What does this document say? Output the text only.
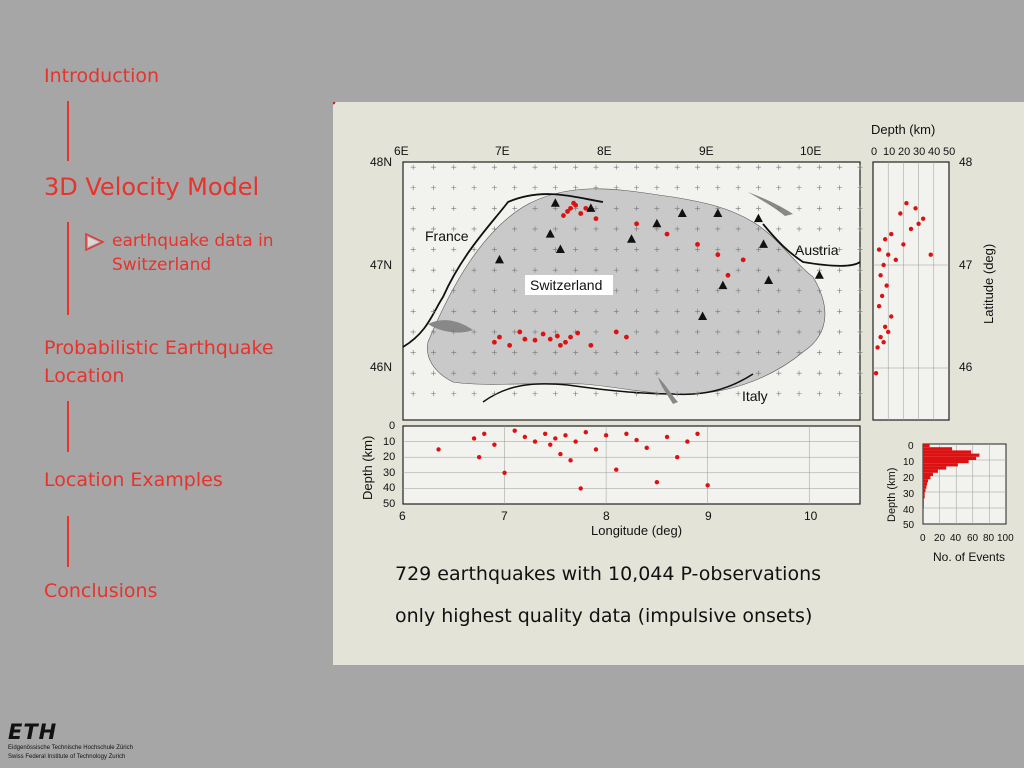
Introduction
3D Velocity Model
earthquake data in Switzerland
Probabilistic Earthquake Location
Location Examples
Conclusions
Switzerland
France
Austria
Italy
6E	7E	8E	9E	10E
48N
47N
46N
Depth (km)
0 10 20 30 40 50
48
47
46
Latitude (deg)
0
10
20
30
40
50
Depth (km)
6	7	8	9	10
Longitude (deg)
0
10
20
30
40
50
0 20 40 60 80 100
Depth (km)
No. of Events
729 earthquakes with 10,044 P-observations
only highest quality data (impulsive onsets)
ETH
Eidgenössische Technische Hochschule Zürich
Swiss Federal Institute of Technology Zurich
